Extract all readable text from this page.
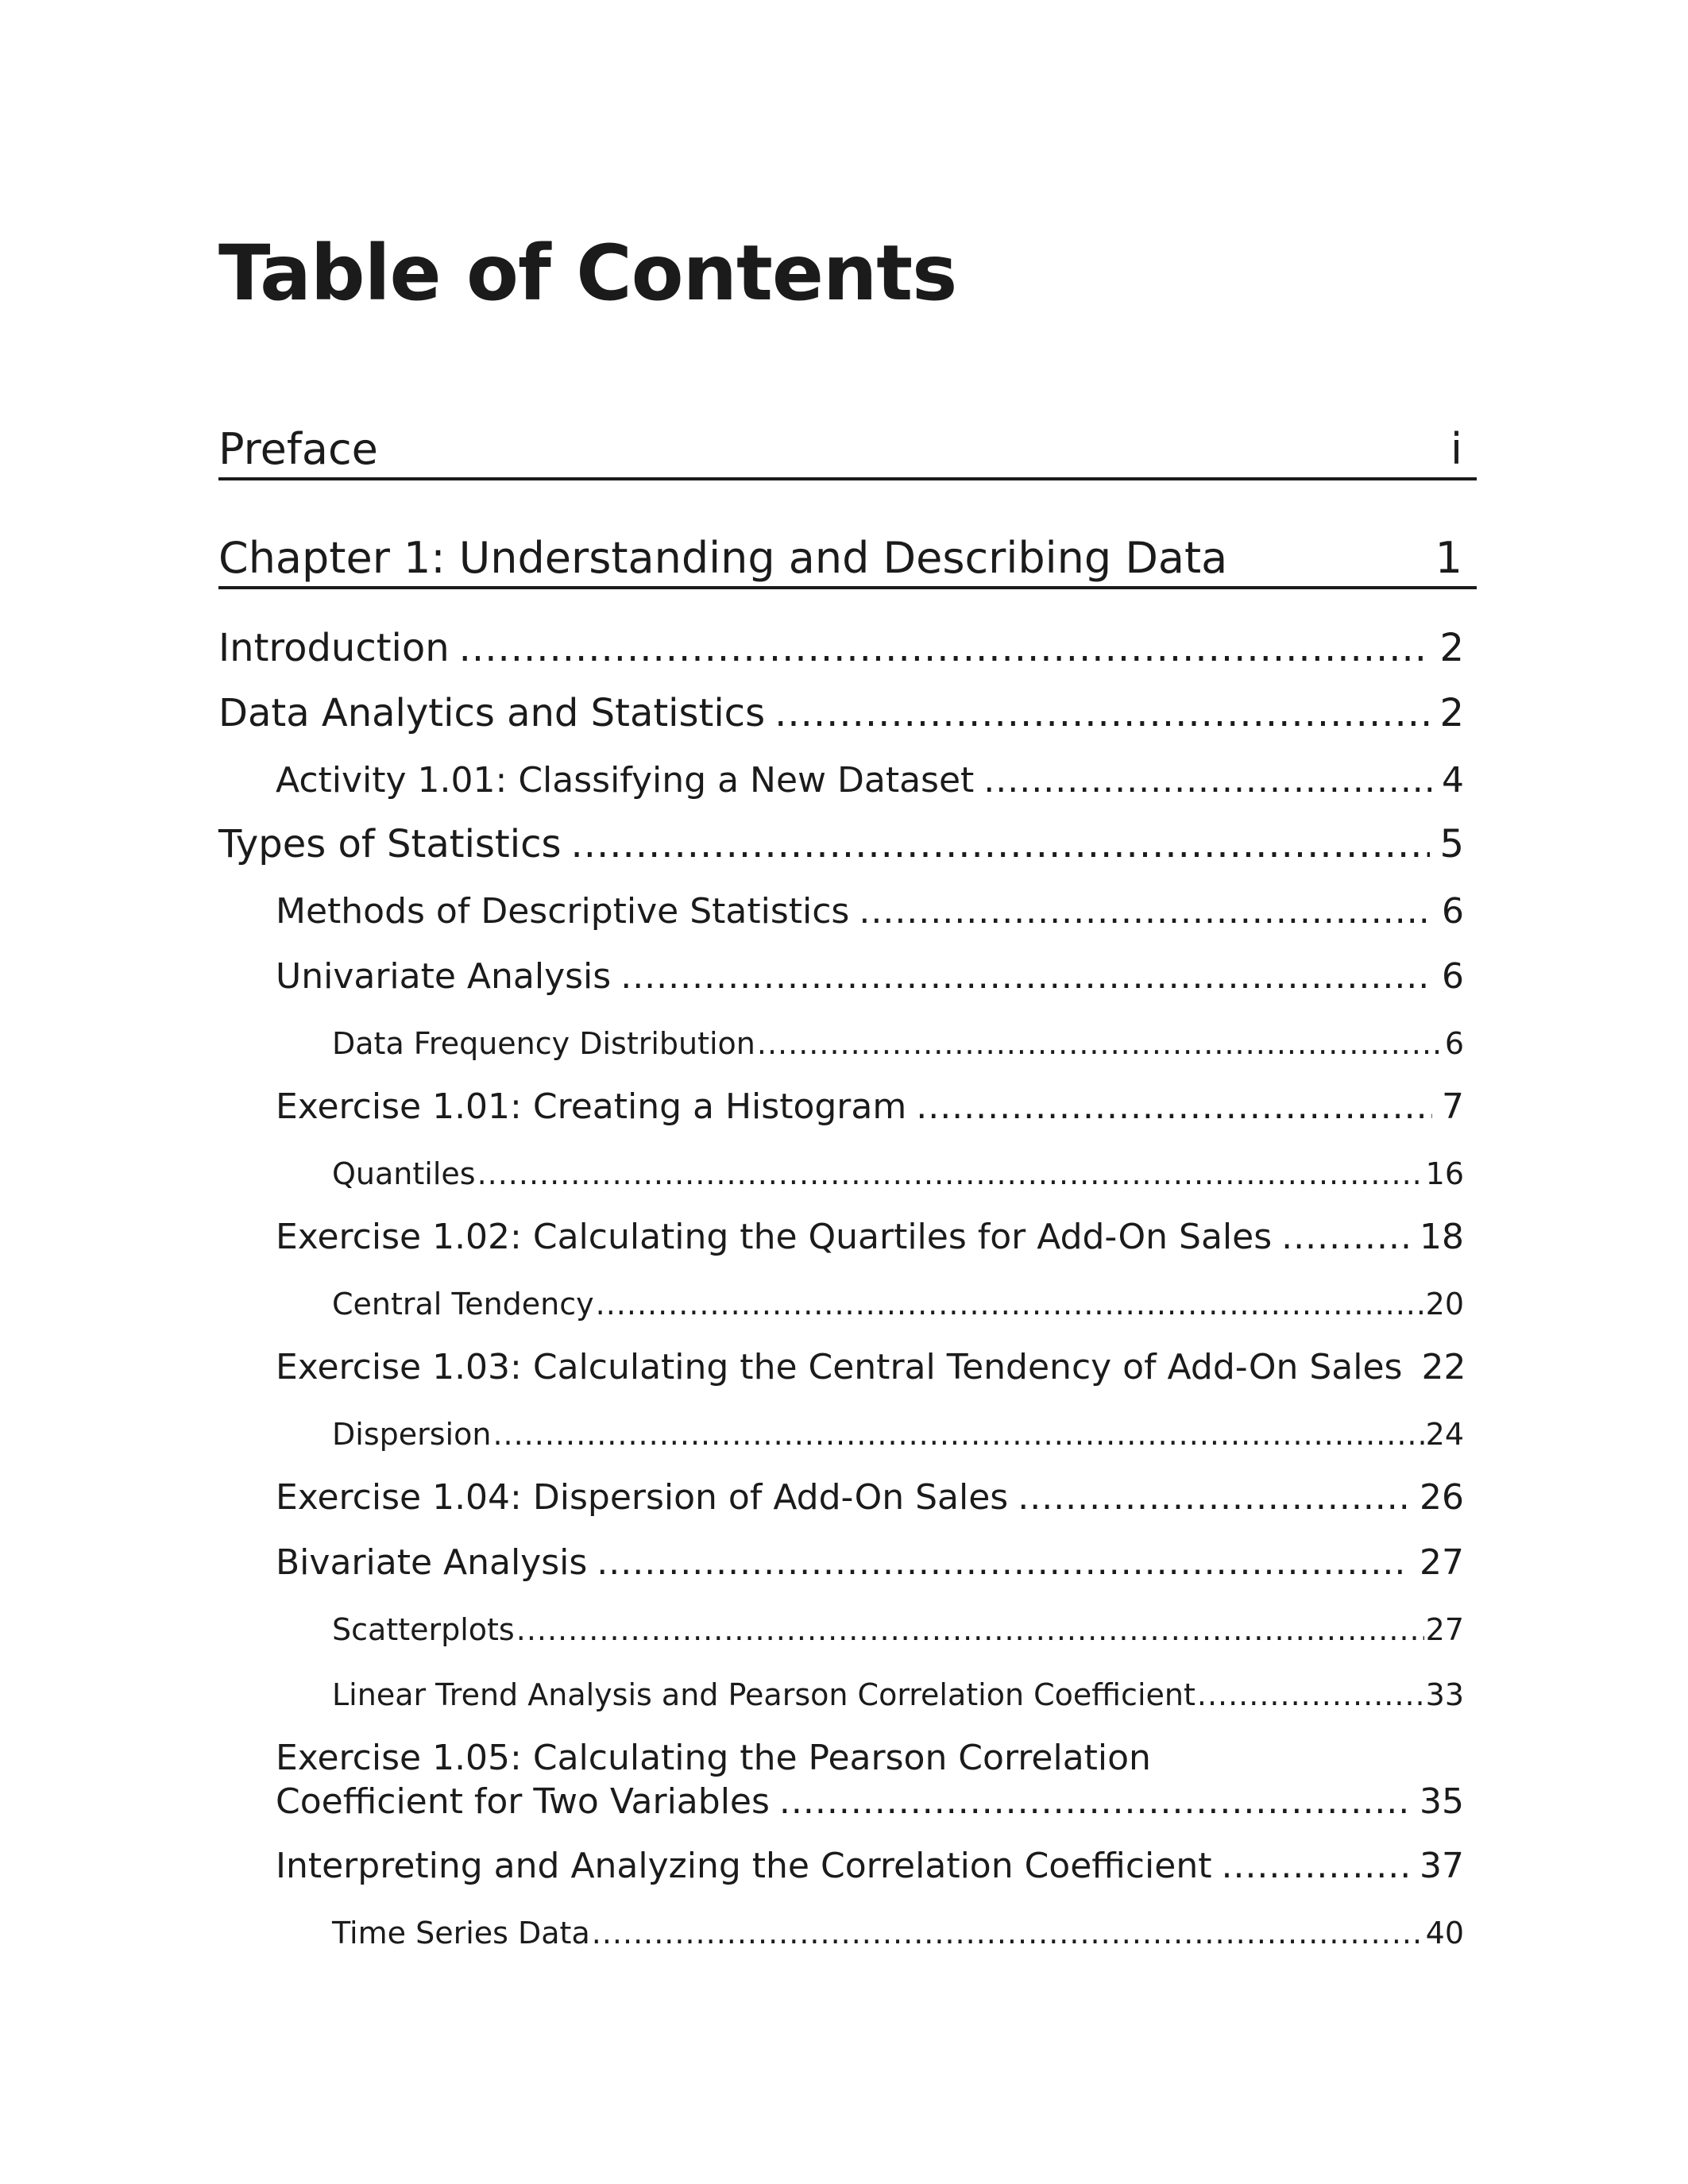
Table of Contents
Preface	i
Chapter 1: Understanding and Describing Data	1
Introduction .....	2
Data Analytics and Statistics .....	2
Activity 1.01: Classifying a New Dataset .....	4
Types of Statistics .....	5
Methods of Descriptive Statistics .....	6
Univariate Analysis .....	6
Data Frequency Distribution .....	6
Exercise 1.01: Creating a Histogram .....	7
Quantiles .....	16
Exercise 1.02: Calculating the Quartiles for Add-On Sales .....	18
Central Tendency .....	20
Exercise 1.03: Calculating the Central Tendency of Add-On Sales 22
Dispersion .....	24
Exercise 1.04: Dispersion of Add-On Sales .....	26
Bivariate Analysis .....	27
Scatterplots .....	27
Linear Trend Analysis and Pearson Correlation Coefficient .....	33
Exercise 1.05: Calculating the Pearson Correlation
Coefficient for Two Variables .....	35
Interpreting and Analyzing the Correlation Coefficient .....	37
Time Series Data .....	40
